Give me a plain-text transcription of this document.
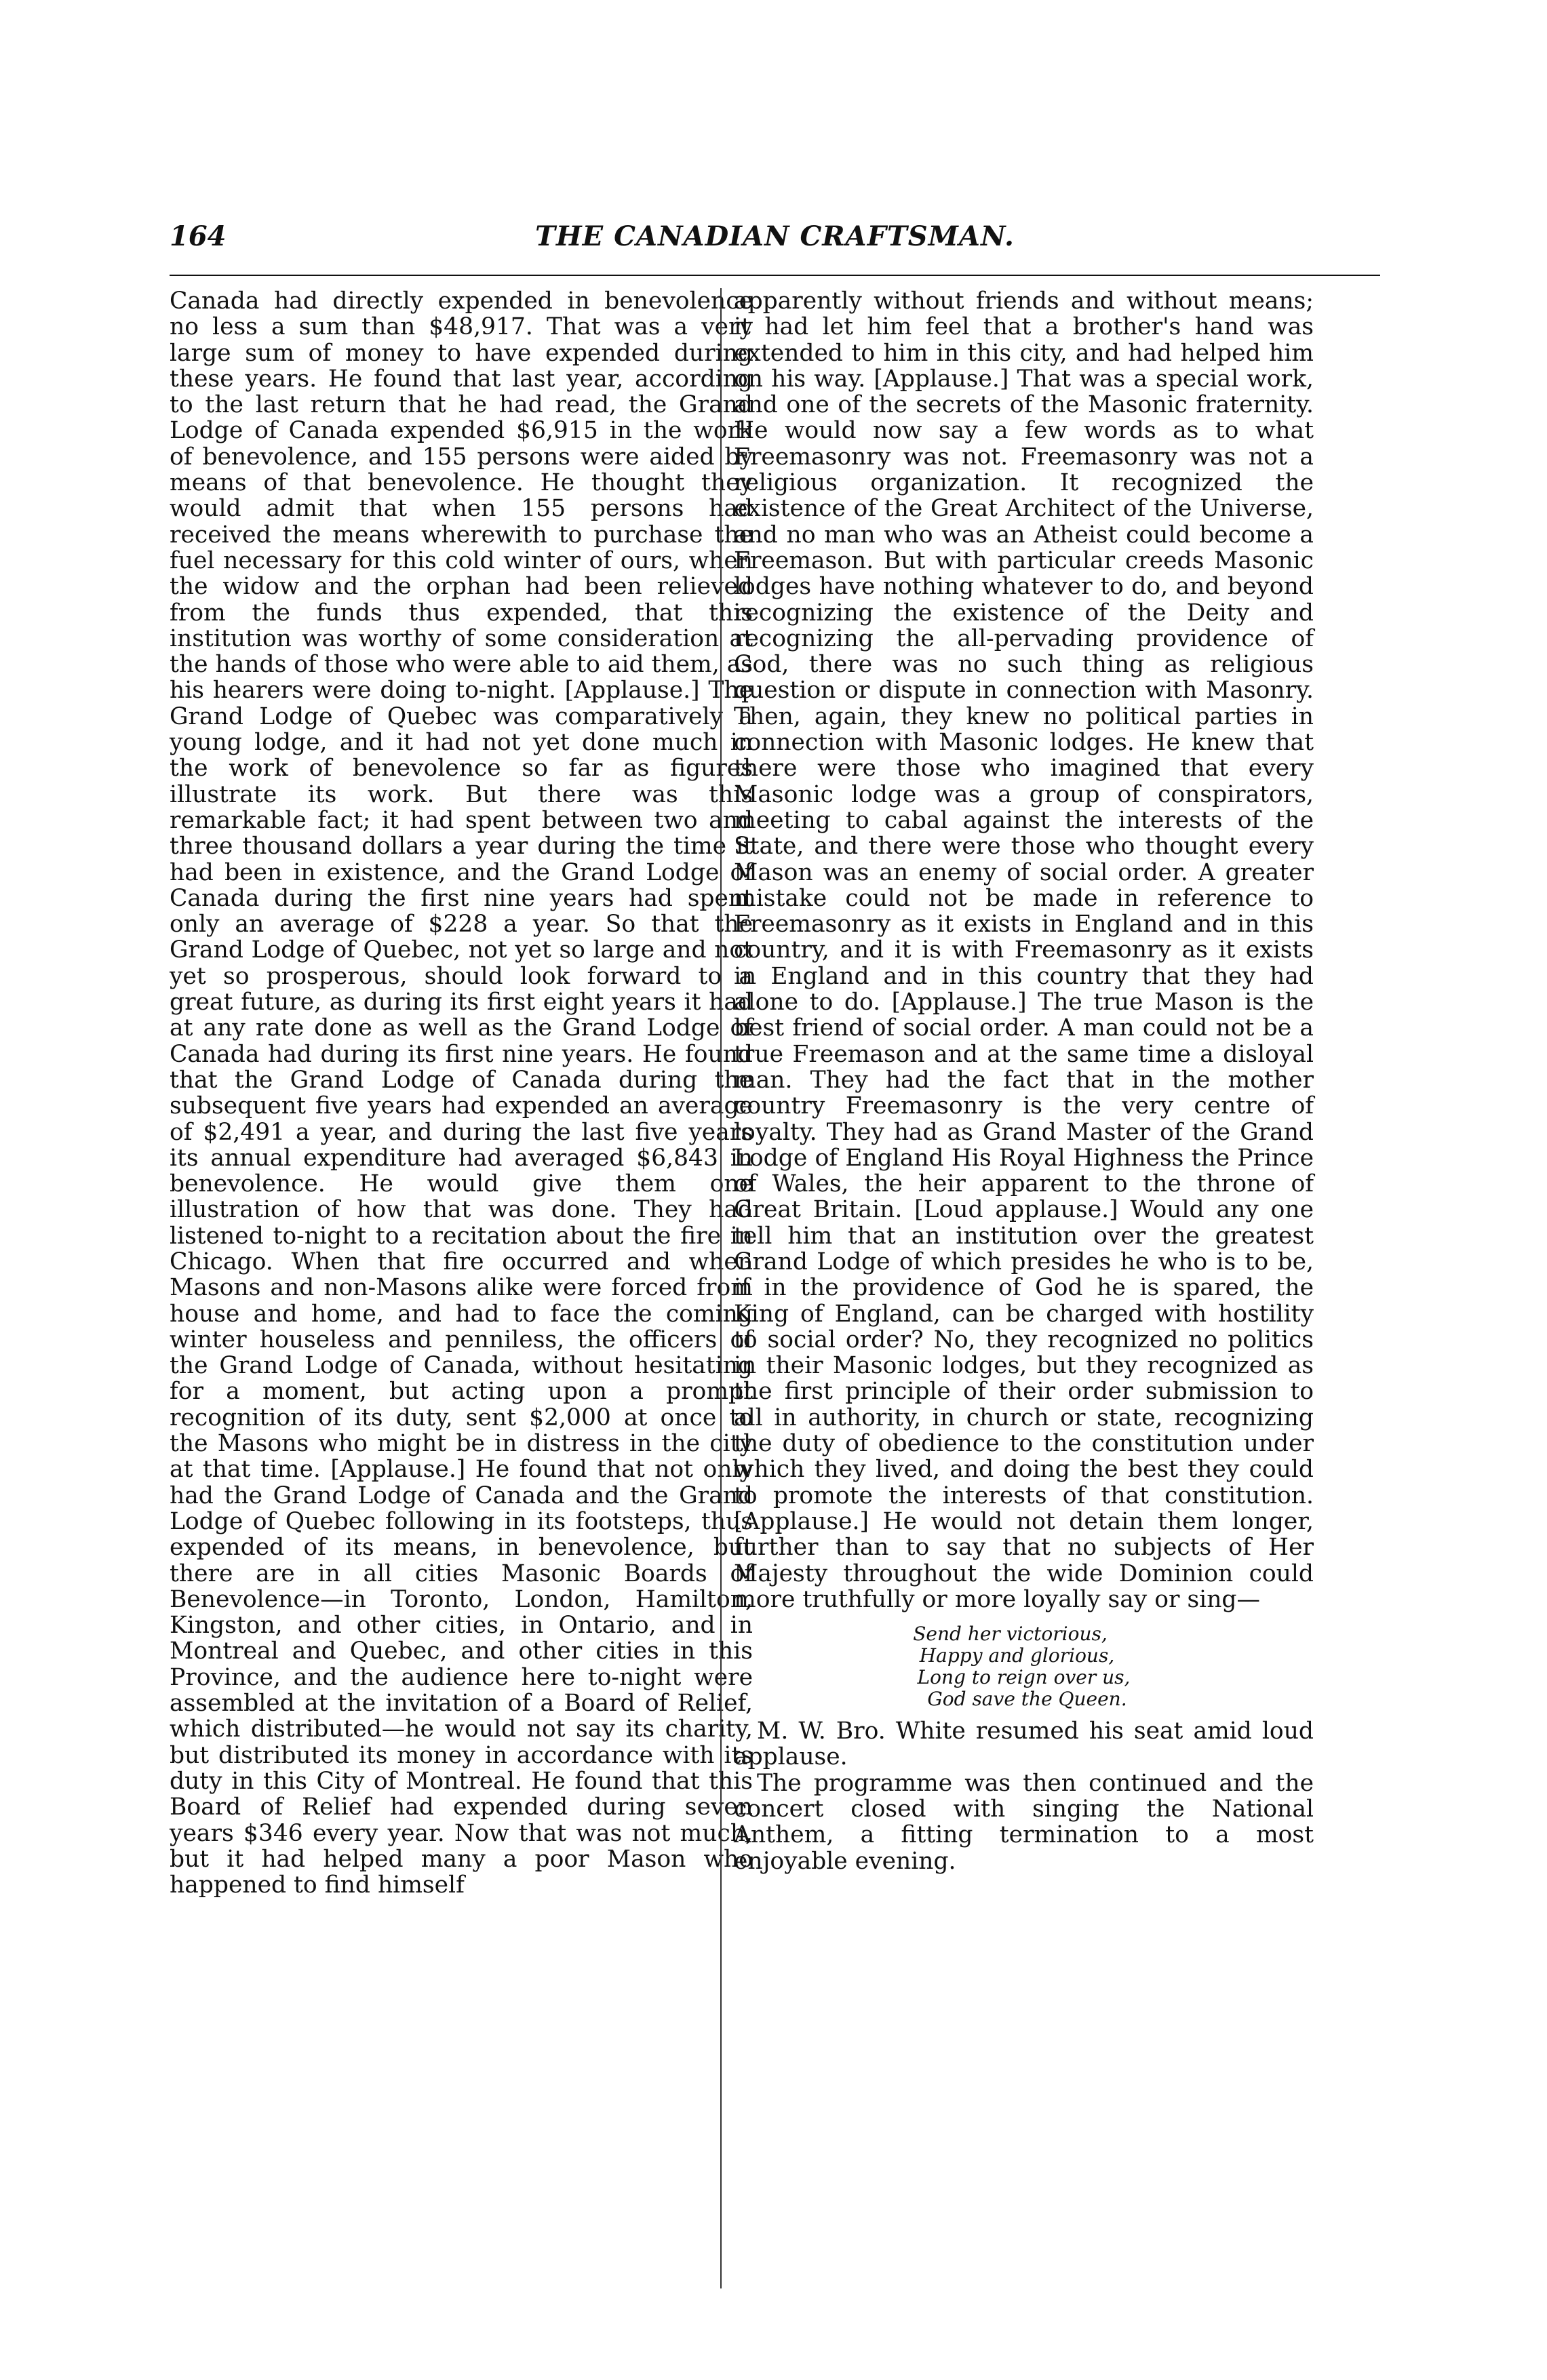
164	THE CANADIAN CRAFTSMAN.

Canada had directly expended in benevolence no less a sum than $48,917. That was a very large sum of money to have expended during these years. He found that last year, according to the last return that he had read, the Grand Lodge of Canada expended $6,915 in the work of benevolence, and 155 persons were aided by means of that benevolence. He thought they would admit that when 155 persons had received the means wherewith to purchase the fuel necessary for this cold winter of ours, when the widow and the orphan had been relieved from the funds thus expended, that this institution was worthy of some consideration at the hands of those who were able to aid them, as his hearers were doing to-night. [Applause.] The Grand Lodge of Quebec was comparatively a young lodge, and it had not yet done much in the work of benevolence so far as figures illustrate its work. But there was this remarkable fact; it had spent between two and three thousand dollars a year during the time it had been in existence, and the Grand Lodge of Canada during the first nine years had spent only an average of $228 a year. So that the Grand Lodge of Quebec, not yet so large and not yet so prosperous, should look forward to a great future, as during its first eight years it had at any rate done as well as the Grand Lodge of Canada had during its first nine years. He found that the Grand Lodge of Canada during the subsequent five years had expended an average of $2,491 a year, and during the last five years its annual expenditure had averaged $6,843 in benevolence. He would give them one illustration of how that was done. They had listened to-night to a recitation about the fire in Chicago. When that fire occurred and when Masons and non-Masons alike were forced from house and home, and had to face the coming winter houseless and penniless, the officers of the Grand Lodge of Canada, without hesitating for a moment, but acting upon a prompt recognition of its duty, sent $2,000 at once to the Masons who might be in distress in the city at that time. [Applause.] He found that not only had the Grand Lodge of Canada and the Grand Lodge of Quebec following in its footsteps, thus expended of its means, in benevolence, but there are in all cities Masonic Boards of Benevolence—in Toronto, London, Hamilton, Kingston, and other cities, in Ontario, and in Montreal and Quebec, and other cities in this Province, and the audience here to-night were assembled at the invitation of a Board of Relief, which distributed—he would not say its charity, but distributed its money in accordance with its duty in this City of Montreal. He found that this Board of Relief had expended during seven years $346 every year. Now that was not much, but it had helped many a poor Mason who happened to find himself

apparently without friends and without means; it had let him feel that a brother's hand was extended to him in this city, and had helped him on his way. [Applause.] That was a special work, and one of the secrets of the Masonic fraternity. He would now say a few words as to what Freemasonry was not. Freemasonry was not a religious organization. It recognized the existence of the Great Architect of the Universe, and no man who was an Atheist could become a Freemason. But with particular creeds Masonic lodges have nothing whatever to do, and beyond recognizing the existence of the Deity and recognizing the all-pervading providence of God, there was no such thing as religious question or dispute in connection with Masonry. Then, again, they knew no political parties in connection with Masonic lodges. He knew that there were those who imagined that every Masonic lodge was a group of conspirators, meeting to cabal against the interests of the State, and there were those who thought every Mason was an enemy of social order. A greater mistake could not be made in reference to Freemasonry as it exists in England and in this country, and it is with Freemasonry as it exists in England and in this country that they had alone to do. [Applause.] The true Mason is the best friend of social order. A man could not be a true Freemason and at the same time a disloyal man. They had the fact that in the mother country Freemasonry is the very centre of loyalty. They had as Grand Master of the Grand Lodge of England His Royal Highness the Prince of Wales, the heir apparent to the throne of Great Britain. [Loud applause.] Would any one tell him that an institution over the greatest Grand Lodge of which presides he who is to be, if in the providence of God he is spared, the King of England, can be charged with hostility to social order? No, they recognized no politics in their Masonic lodges, but they recognized as the first principle of their order submission to all in authority, in church or state, recognizing the duty of obedience to the constitution under which they lived, and doing the best they could to promote the interests of that constitution. [Applause.] He would not detain them longer, further than to say that no subjects of Her Majesty throughout the wide Dominion could more truthfully or more loyally say or sing—

Send her victorious,
Happy and glorious,
Long to reign over us,
God save the Queen.

M. W. Bro. White resumed his seat amid loud applause.

The programme was then continued and the concert closed with singing the National Anthem, a fitting termination to a most enjoyable evening.
